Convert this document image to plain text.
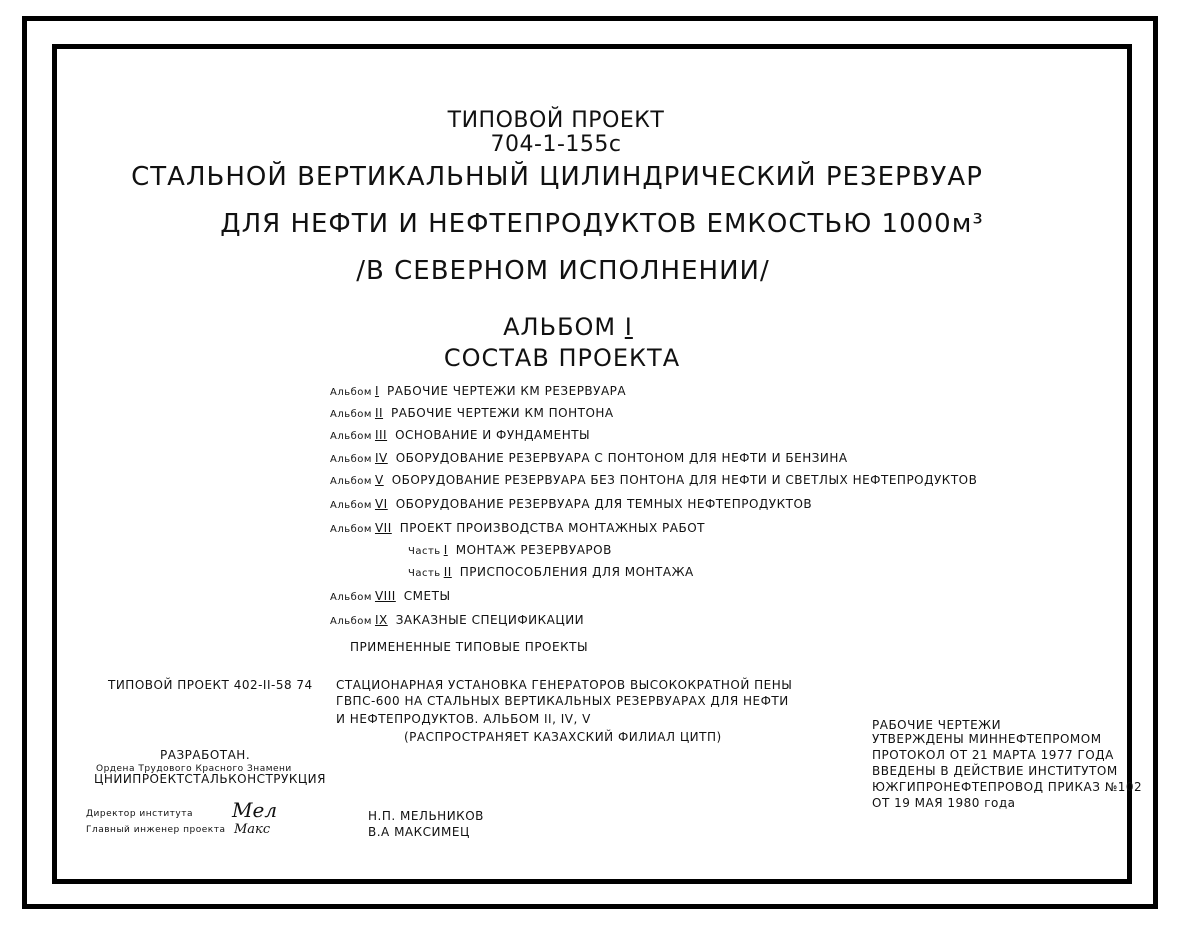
ТИПОВОЙ ПРОЕКТ
704-1-155с
СТАЛЬНОЙ ВЕРТИКАЛЬНЫЙ ЦИЛИНДРИЧЕСКИЙ РЕЗЕРВУАР
ДЛЯ НЕФТИ И НЕФТЕПРОДУКТОВ ЕМКОСТЬЮ 1000м³
/В СЕВЕРНОМ ИСПОЛНЕНИИ/
АЛЬБОМ I
СОСТАВ ПРОЕКТА
Альбом I РАБОЧИЕ ЧЕРТЕЖИ КМ РЕЗЕРВУАРА
Альбом II РАБОЧИЕ ЧЕРТЕЖИ КМ ПОНТОНА
Альбом III ОСНОВАНИЕ И ФУНДАМЕНТЫ
Альбом IV ОБОРУДОВАНИЕ РЕЗЕРВУАРА С ПОНТОНОМ ДЛЯ НЕФТИ И БЕНЗИНА
Альбом V ОБОРУДОВАНИЕ РЕЗЕРВУАРА БЕЗ ПОНТОНА ДЛЯ НЕФТИ И СВЕТЛЫХ НЕФТЕПРОДУКТОВ
Альбом VI ОБОРУДОВАНИЕ РЕЗЕРВУАРА ДЛЯ ТЕМНЫХ НЕФТЕПРОДУКТОВ
Альбом VII ПРОЕКТ ПРОИЗВОДСТВА МОНТАЖНЫХ РАБОТ
Часть I МОНТАЖ РЕЗЕРВУАРОВ
Часть II ПРИСПОСОБЛЕНИЯ ДЛЯ МОНТАЖА
Альбом VIII СМЕТЫ
Альбом IX ЗАКАЗНЫЕ СПЕЦИФИКАЦИИ
ПРИМЕНЕННЫЕ ТИПОВЫЕ ПРОЕКТЫ
ТИПОВОЙ ПРОЕКТ 402-II-58 74 СТАЦИОНАРНАЯ УСТАНОВКА ГЕНЕРАТОРОВ ВЫСОКОКРАТНОЙ ПЕНЫ
ГВПС-600 НА СТАЛЬНЫХ ВЕРТИКАЛЬНЫХ РЕЗЕРВУАРАХ ДЛЯ НЕФТИ
И НЕФТЕПРОДУКТОВ. АЛЬБОМ II, IV, V
(РАСПРОСТРАНЯЕТ КАЗАХСКИЙ ФИЛИАЛ ЦИТП)
РАЗРАБОТАН.
Ордена Трудового Красного Знамени
ЦНИИПРОЕКТСТАЛЬКОНСТРУКЦИЯ
Директор института
Главный инженер проекта
Мел
Макс
Н.П. МЕЛЬНИКОВ
В.А МАКСИМЕЦ
РАБОЧИЕ ЧЕРТЕЖИ
УТВЕРЖДЕНЫ МИННЕФТЕПРОМОМ
ПРОТОКОЛ ОТ 21 МАРТА 1977 ГОДА
ВВЕДЕНЫ В ДЕЙСТВИЕ ИНСТИТУТОМ
ЮЖГИПРОНЕФТЕПРОВОД ПРИКАЗ №102
ОТ 19 МАЯ 1980 года
